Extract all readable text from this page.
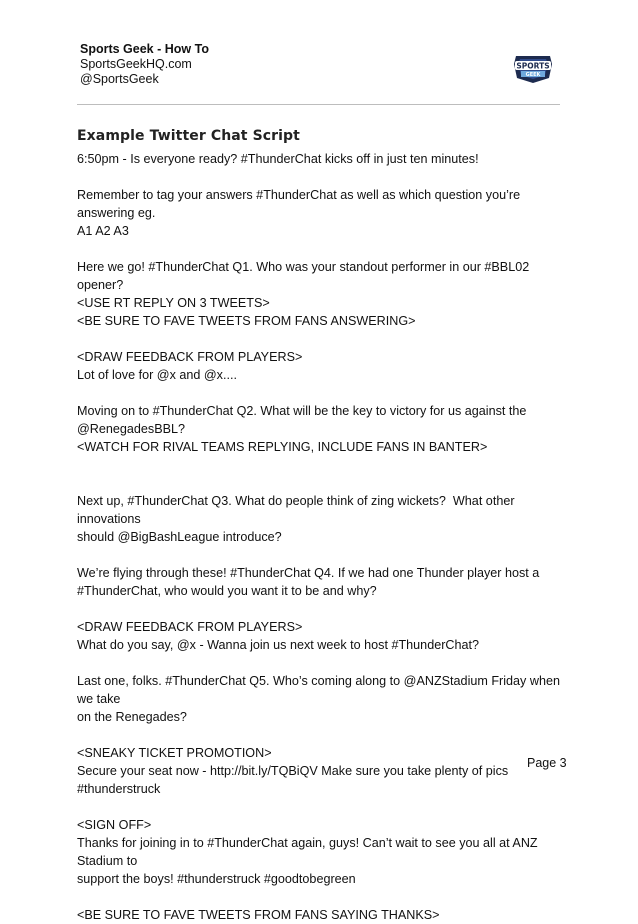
Sports Geek - How To
SportsGeekHQ.com
@SportsGeek
SPORTS
GEEK
Example Twitter Chat Script

6:50pm - Is everyone ready? #ThunderChat kicks off in just ten minutes!

Remember to tag your answers #ThunderChat as well as which question you’re answering eg.

A1 A2 A3

Here we go! #ThunderChat Q1. Who was your standout performer in our #BBL02 opener?

<USE RT REPLY ON 3 TWEETS>

<BE SURE TO FAVE TWEETS FROM FANS ANSWERING>

<DRAW FEEDBACK FROM PLAYERS>

Lot of love for @x and @x....

Moving on to #ThunderChat Q2. What will be the key to victory for us against the

@RenegadesBBL?

<WATCH FOR RIVAL TEAMS REPLYING, INCLUDE FANS IN BANTER>

Next up, #ThunderChat Q3. What do people think of zing wickets?  What other innovations

should @BigBashLeague introduce?

We’re flying through these! #ThunderChat Q4. If we had one Thunder player host a

#ThunderChat, who would you want it to be and why?

<DRAW FEEDBACK FROM PLAYERS>

What do you say, @x - Wanna join us next week to host #ThunderChat?

Last one, folks. #ThunderChat Q5. Who’s coming along to @ANZStadium Friday when we take

on the Renegades?

<SNEAKY TICKET PROMOTION>

Secure your seat now - http://bit.ly/TQBiQV Make sure you take plenty of pics #thunderstruck

<SIGN OFF>

Thanks for joining in to #ThunderChat again, guys! Can’t wait to see you all at ANZ Stadium to

support the boys! #thunderstruck #goodtobegreen

<BE SURE TO FAVE TWEETS FROM FANS SAYING THANKS>

Page 3
